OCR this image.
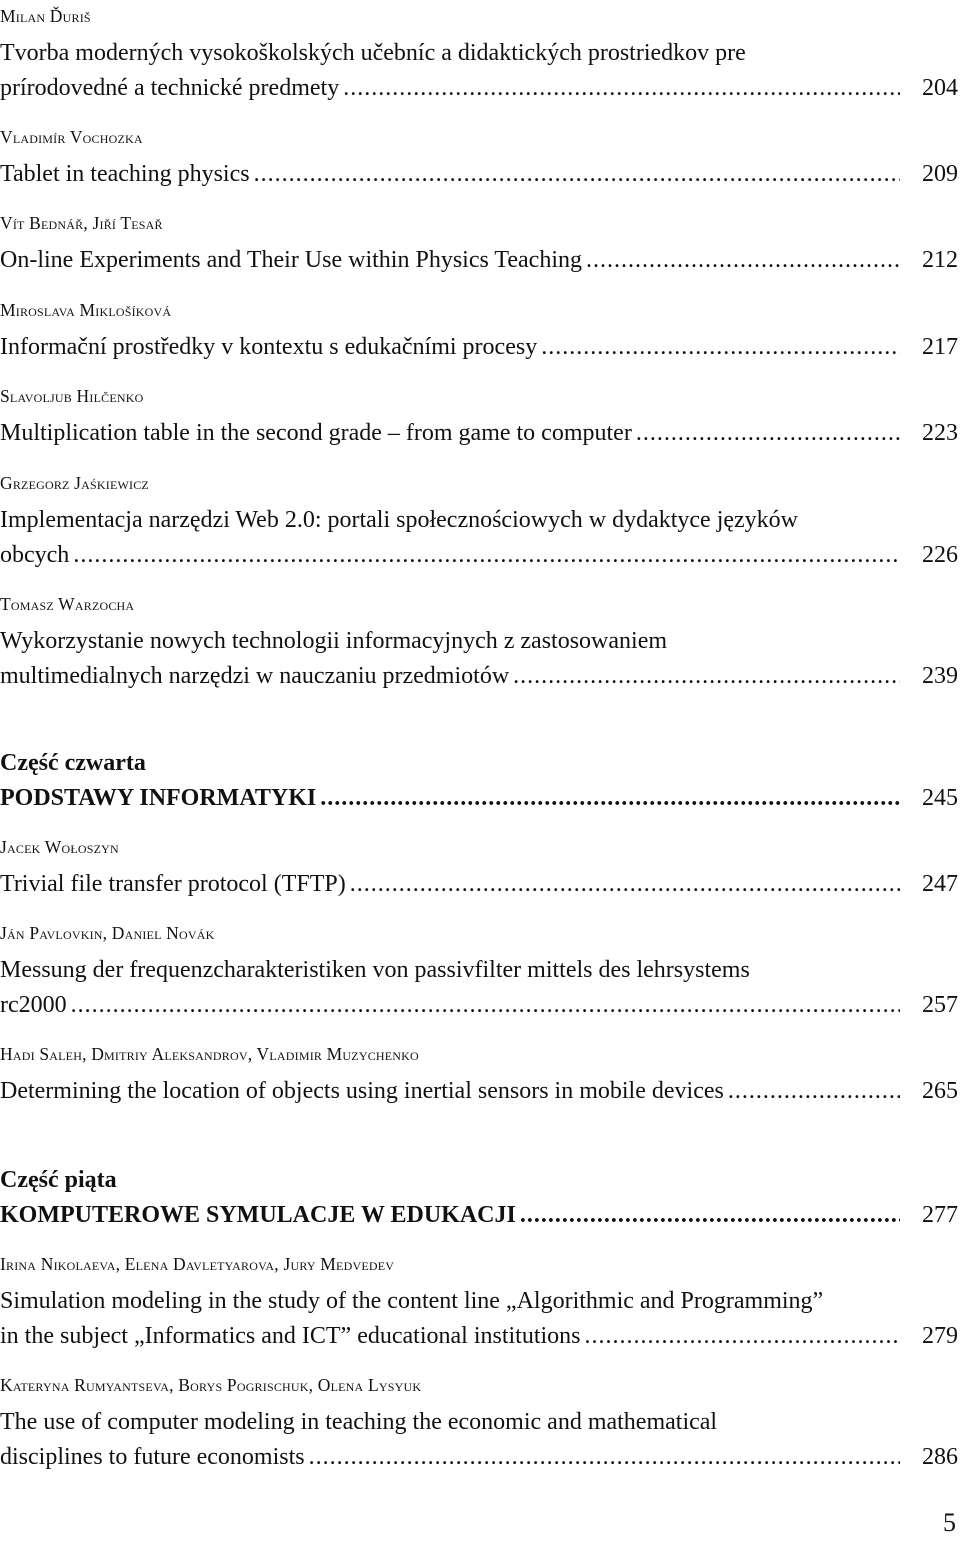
Milan Ďuriš
Tvorba moderných vysokoškolských učebníc a didaktických prostriedkov pre
prírodovedné a technické predmety .....	204
Vladimír Vochozka
Tablet in teaching physics .....	209
Vít Bednář, Jiří Tesař
On-line Experiments and Their Use within Physics Teaching .....	212
Miroslava Miklošíková
Informační prostředky v kontextu s edukačními procesy .....	217
Slavoljub Hilčenko
Multiplication table in the second grade – from game to computer .....	223
Grzegorz Jaśkiewicz
Implementacja narzędzi Web 2.0: portali społecznościowych w dydaktyce języków
obcych .....	226
Tomasz Warzocha
Wykorzystanie nowych technologii informacyjnych z zastosowaniem
multimedialnych narzędzi w nauczaniu przedmiotów .....	239
Część czwarta
PODSTAWY INFORMATYKI .....	245
Jacek Wołoszyn
Trivial file transfer protocol (TFTP) .....	247
Ján Pavlovkin, Daniel Novák
Messung der frequenzcharakteristiken von passivfilter mittels des lehrsystems
rc2000 .....	257
Hadi Saleh, Dmitriy Aleksandrov, Vladimir Muzychenko
Determining the location of objects using inertial sensors in mobile devices .....	265
Część piąta
KOMPUTEROWE SYMULACJE W EDUKACJI .....	277
Irina Nikolaeva, Elena Davletyarova, Jury Medvedev
Simulation modeling in the study of the content line „Algorithmic and Programming”
in the subject „Informatics and ICT” educational institutions .....	279
Kateryna Rumyantseva, Borys Pogrischuk, Olena Lysyuk
The use of computer modeling in teaching the economic and mathematical
disciplines to future economists .....	286
5
